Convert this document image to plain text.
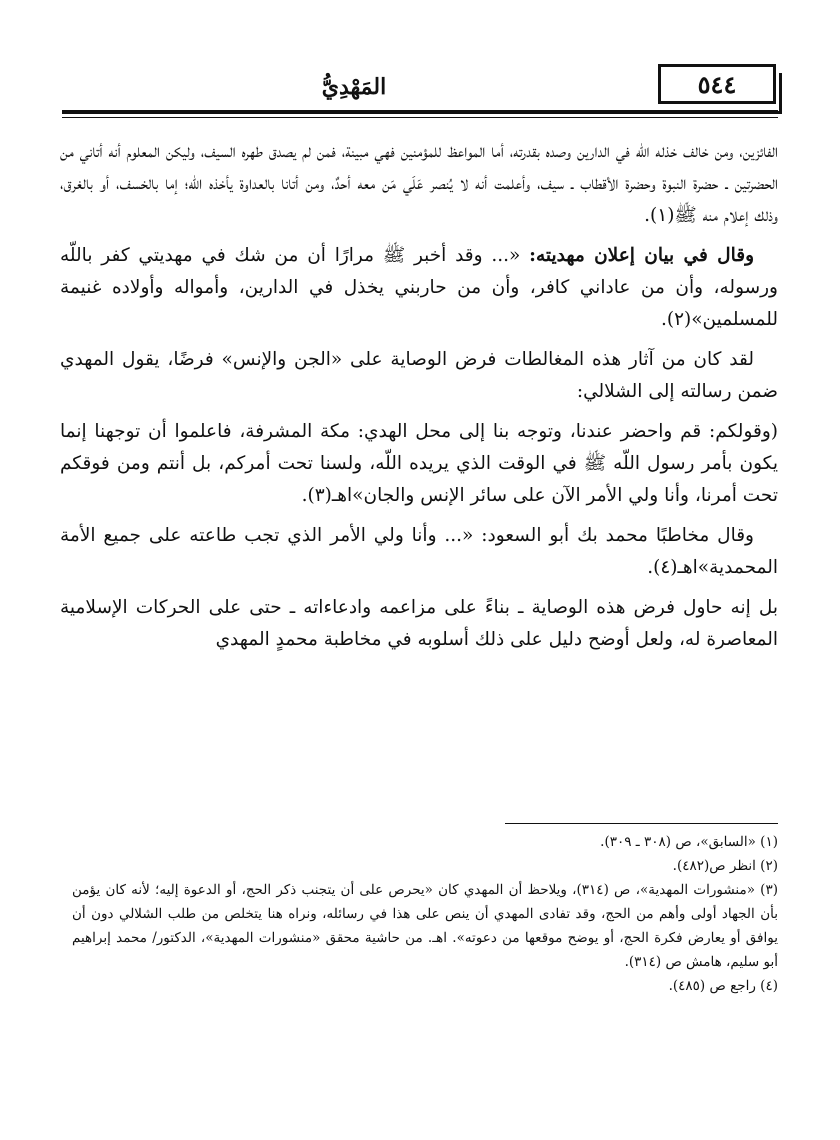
المَهْدِيُّ	٥٤٤

الفائزين، ومن خالف خذله اللّه في الدارين وصده بقدرته، أما المواعظ للمؤمنين فهي مبينة، فمن لم يصدق طهره السيف، وليكن المعلوم أنه أتاني من الحضرتين ـ حضرة النبوة وحضرة الأقطاب ـ سيف، وأعلمت أنه لا يُنصر عَلَي مَن معه أحدٌ، ومن أتانا بالعداوة يأخذه اللّه؛ إما بالخسف، أو بالغرق، وذلك إعلام منه ﷺ(١).

وقال في بيان إعلان مهديته: «... وقد أخبر ﷺ مرارًا أن من شك في مهديتي كفر باللّه ورسوله، وأن من عاداني كافر، وأن من حاربني يخذل في الدارين، وأمواله وأولاده غنيمة للمسلمين»(٢).

لقد كان من آثار هذه المغالطات فرض الوصاية على «الجن والإنس» فرضًا، يقول المهدي ضمن رسالته إلى الشلالي:

(وقولكم: قم واحضر عندنا، وتوجه بنا إلى محل الهدي: مكة المشرفة، فاعلموا أن توجهنا إنما يكون بأمر رسول اللّه ﷺ في الوقت الذي يريده اللّه، ولسنا تحت أمركم، بل أنتم ومن فوقكم تحت أمرنا، وأنا ولي الأمر الآن على سائر الإنس والجان»اهـ(٣).

وقال مخاطبًا محمد بك أبو السعود: «... وأنا ولي الأمر الذي تجب طاعته على جميع الأمة المحمدية»اهـ(٤).

بل إنه حاول فرض هذه الوصاية ـ بناءً على مزاعمه وادعاءاته ـ حتى على الحركات الإسلامية المعاصرة له، ولعل أوضح دليل على ذلك أسلوبه في مخاطبة محمدٍ المهدي

(١) «السابق»، ص (٣٠٨ ـ ٣٠٩).
(٢) انظر ص(٤٨٢).
(٣) «منشورات المهدية»، ص (٣١٤)، ويلاحظ أن المهدي كان «يحرص على أن يتجنب ذكر الحج، أو الدعوة إليه؛ لأنه كان يؤمن بأن الجهاد أولى وأهم من الحج، وقد تفادى المهدي أن ينص على هذا في رسائله، ونراه هنا يتخلص من طلب الشلالي دون أن يوافق أو يعارض فكرة الحج، أو يوضح موقعها من دعوته». اهـ. من حاشية محقق «منشورات المهدية»، الدكتور/ محمد إبراهيم أبو سليم، هامش ص (٣١٤).
(٤) راجع ص (٤٨٥).
